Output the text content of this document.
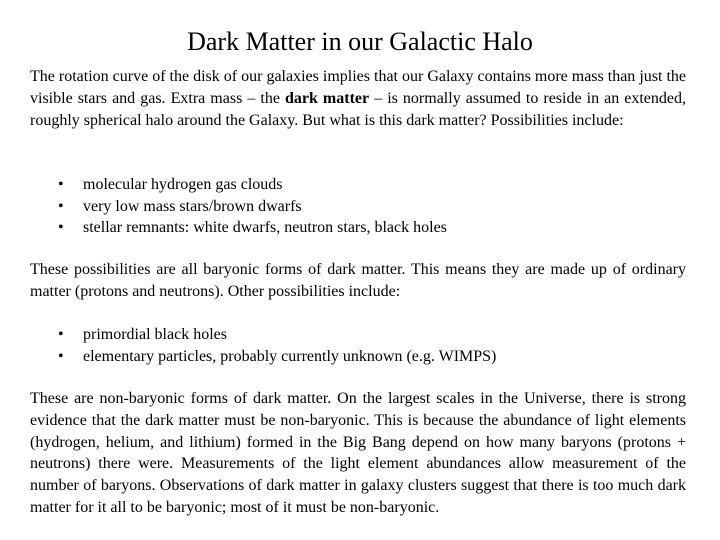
Dark Matter in our Galactic Halo

The rotation curve of the disk of our galaxies implies that our Galaxy contains more mass than just the visible stars and gas. Extra mass – the dark matter – is normally assumed to reside in an extended, roughly spherical halo around the Galaxy. But what is this dark matter? Possibilities include:

• molecular hydrogen gas clouds
• very low mass stars/brown dwarfs
• stellar remnants: white dwarfs, neutron stars, black holes

These possibilities are all baryonic forms of dark matter. This means they are made up of ordinary matter (protons and neutrons). Other possibilities include:

• primordial black holes
• elementary particles, probably currently unknown (e.g. WIMPS)

These are non-baryonic forms of dark matter. On the largest scales in the Universe, there is strong evidence that the dark matter must be non-baryonic. This is because the abundance of light elements (hydrogen, helium, and lithium) formed in the Big Bang depend on how many baryons (protons + neutrons) there were. Measurements of the light element abundances allow measurement of the number of baryons. Observations of dark matter in galaxy clusters suggest that there is too much dark matter for it all to be baryonic; most of it must be non-baryonic.
